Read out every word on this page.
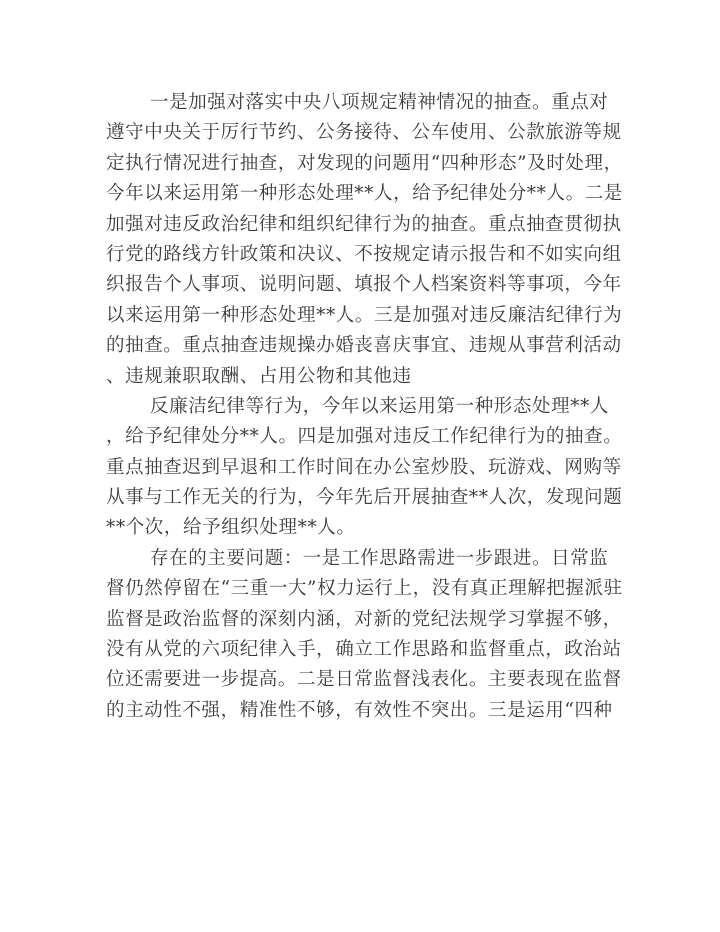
一是加强对落实中央八项规定精神情况的抽查。重点对
遵守中央关于厉行节约、公务接待、公车使用、公款旅游等规
定执行情况进行抽查，对发现的问题用“四种形态”及时处理，
今年以来运用第一种形态处理**人，给予纪律处分**人。二是
加强对违反政治纪律和组织纪律行为的抽查。重点抽查贯彻执
行党的路线方针政策和决议、不按规定请示报告和不如实向组
织报告个人事项、说明问题、填报个人档案资料等事项，今年
以来运用第一种形态处理**人。三是加强对违反廉洁纪律行为
的抽查。重点抽查违规操办婚丧喜庆事宜、违规从事营利活动
、违规兼职取酬、占用公物和其他违
反廉洁纪律等行为，今年以来运用第一种形态处理**人
，给予纪律处分**人。四是加强对违反工作纪律行为的抽查。
重点抽查迟到早退和工作时间在办公室炒股、玩游戏、网购等
从事与工作无关的行为，今年先后开展抽查**人次，发现问题
**个次，给予组织处理**人。
存在的主要问题：一是工作思路需进一步跟进。日常监
督仍然停留在“三重一大”权力运行上，没有真正理解把握派驻
监督是政治监督的深刻内涵，对新的党纪法规学习掌握不够，
没有从党的六项纪律入手，确立工作思路和监督重点，政治站
位还需要进一步提高。二是日常监督浅表化。主要表现在监督
的主动性不强，精准性不够，有效性不突出。三是运用“四种
